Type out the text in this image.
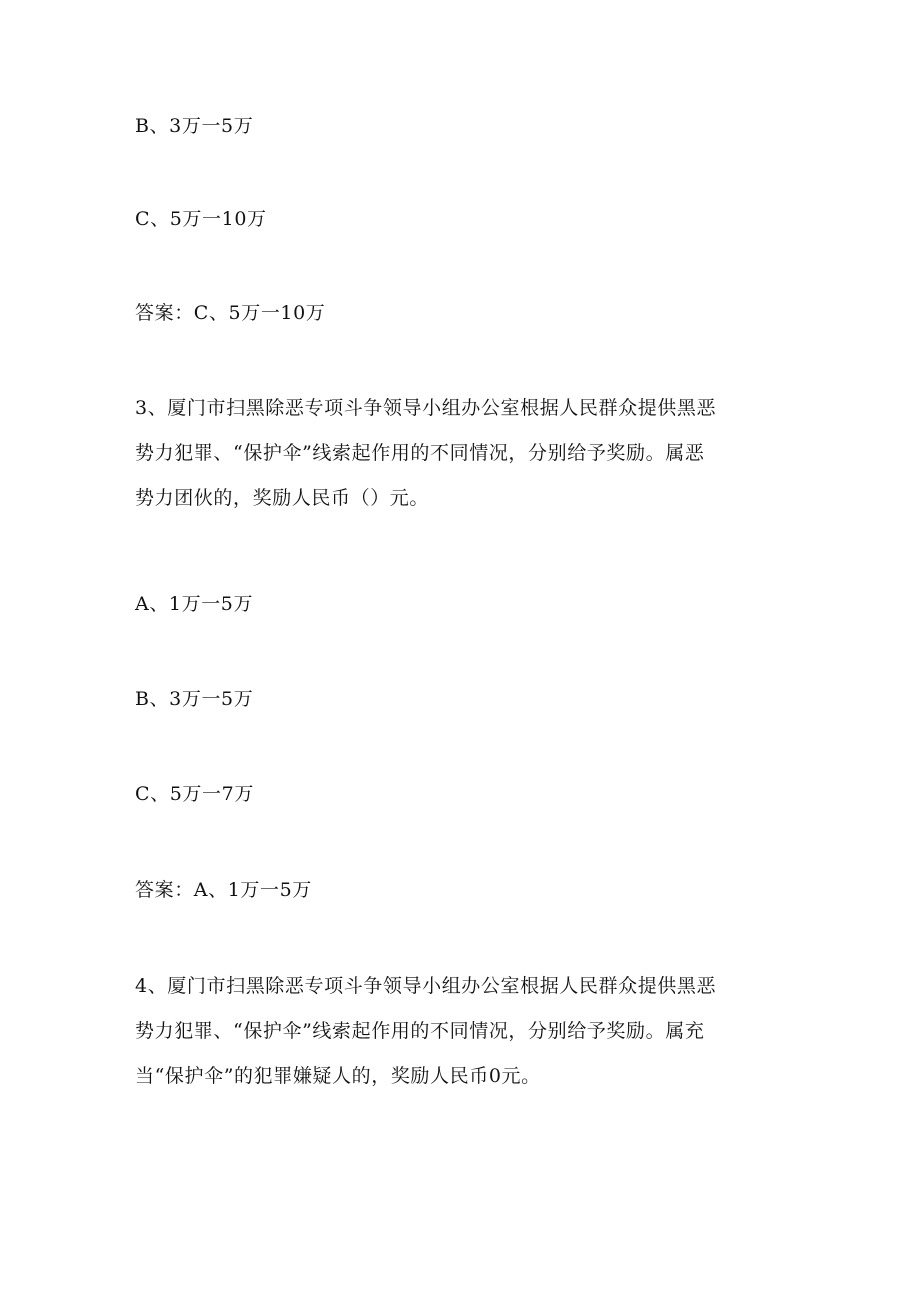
B、3万一5万
C、5万一10万
答案：C、5万一10万
3、厦门市扫黑除恶专项斗争领导小组办公室根据人民群众提供黑恶
势力犯罪、“保护伞”线索起作用的不同情况，分别给予奖励。属恶
势力团伙的，奖励人民币（）元。
A、1万一5万
B、3万一5万
C、5万一7万
答案：A、1万一5万
4、厦门市扫黑除恶专项斗争领导小组办公室根据人民群众提供黑恶
势力犯罪、“保护伞”线索起作用的不同情况，分别给予奖励。属充
当“保护伞”的犯罪嫌疑人的，奖励人民币0元。
